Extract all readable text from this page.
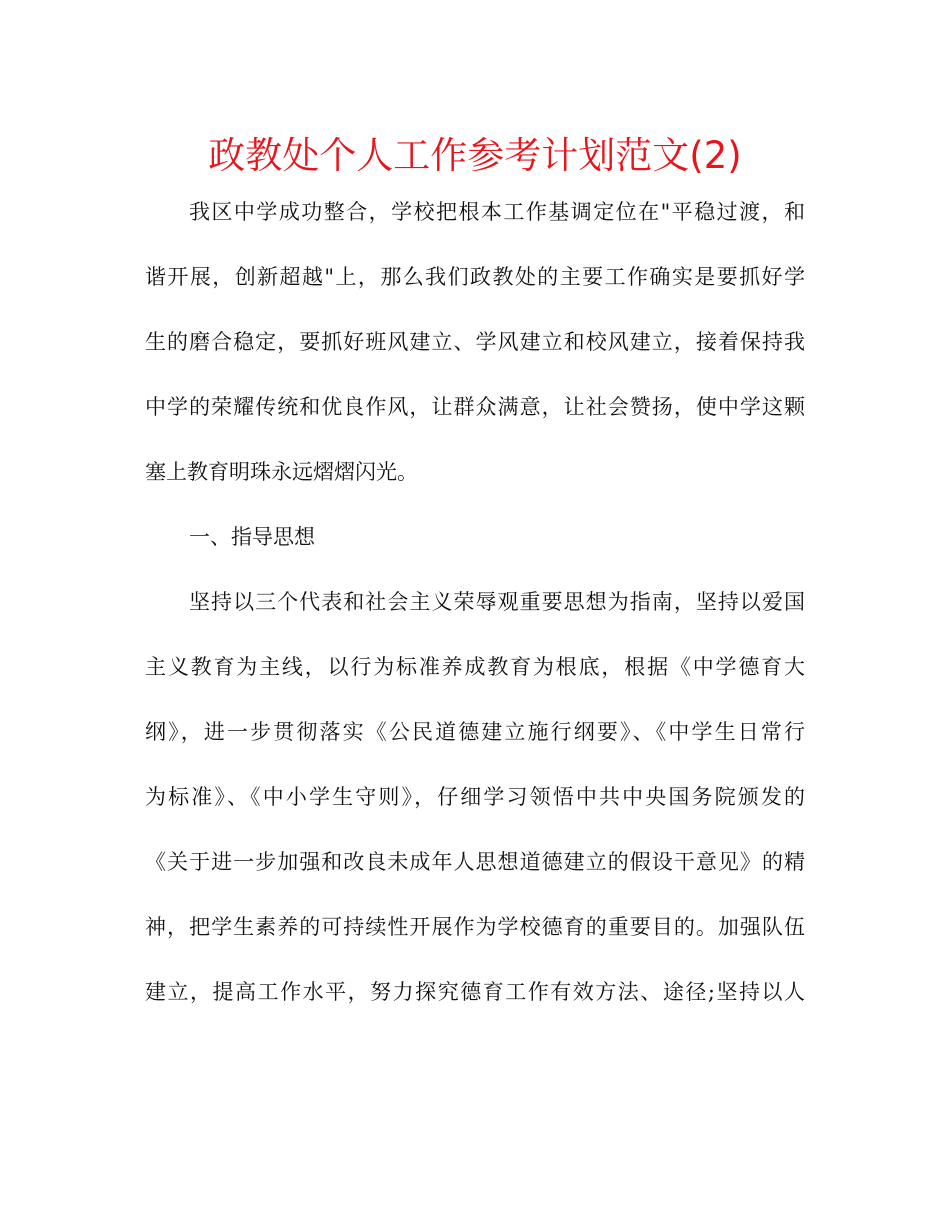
政教处个人工作参考计划范文(2)
我区中学成功整合，学校把根本工作基调定位在"平稳过渡，和
谐开展，创新超越"上，那么我们政教处的主要工作确实是要抓好学
生的磨合稳定，要抓好班风建立、学风建立和校风建立，接着保持我
中学的荣耀传统和优良作风，让群众满意，让社会赞扬，使中学这颗
塞上教育明珠永远熠熠闪光。
一、指导思想
坚持以三个代表和社会主义荣辱观重要思想为指南，坚持以爱国
主义教育为主线，以行为标准养成教育为根底，根据《中学德育大
纲》，进一步贯彻落实《公民道德建立施行纲要》、《中学生日常行
为标准》、《中小学生守则》，仔细学习领悟中共中央国务院颁发的
《关于进一步加强和改良未成年人思想道德建立的假设干意见》的精
神，把学生素养的可持续性开展作为学校德育的重要目的。加强队伍
建立，提高工作水平，努力探究德育工作有效方法、途径;坚持以人
